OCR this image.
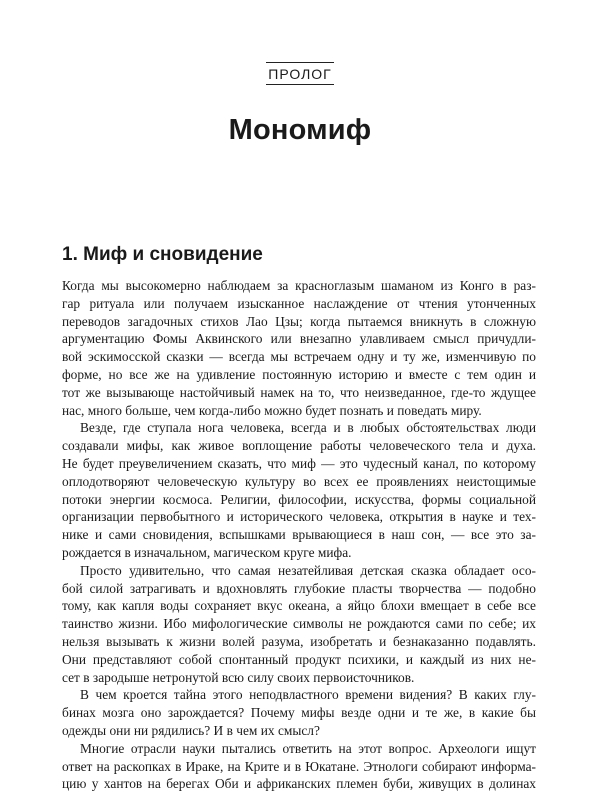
ПРОЛОГ
Мономиф
1. Миф и сновидение
Когда мы высокомерно наблюдаем за красноглазым шаманом из Конго в раз-
гар ритуала или получаем изысканное наслаждение от чтения утонченных
переводов загадочных стихов Лао Цзы; когда пытаемся вникнуть в сложную
аргументацию Фомы Аквинского или внезапно улавливаем смысл причудли-
вой эскимосской сказки — всегда мы встречаем одну и ту же, изменчивую по
форме, но все же на удивление постоянную историю и вместе с тем один и
тот же вызывающе настойчивый намек на то, что неизведанное, где-то ждущее
нас, много больше, чем когда-либо можно будет познать и поведать миру.
Везде, где ступала нога человека, всегда и в любых обстоятельствах люди
создавали мифы, как живое воплощение работы человеческого тела и духа.
Не будет преувеличением сказать, что миф — это чудесный канал, по которому
оплодотворяют человеческую культуру во всех ее проявлениях неистощимые
потоки энергии космоса. Религии, философии, искусства, формы социальной
организации первобытного и исторического человека, открытия в науке и тех-
нике и сами сновидения, вспышками врывающиеся в наш сон, — все это за-
рождается в изначальном, магическом круге мифа.
Просто удивительно, что самая незатейливая детская сказка обладает осо-
бой силой затрагивать и вдохновлять глубокие пласты творчества — подобно
тому, как капля воды сохраняет вкус океана, а яйцо блохи вмещает в себе все
таинство жизни. Ибо мифологические символы не рождаются сами по себе; их
нельзя вызывать к жизни волей разума, изобретать и безнаказанно подавлять.
Они представляют собой спонтанный продукт психики, и каждый из них не-
сет в зародыше нетронутой всю силу своих первоисточников.
В чем кроется тайна этого неподвластного времени видения? В каких глу-
бинах мозга оно зарождается? Почему мифы везде одни и те же, в какие бы
одежды они ни рядились? И в чем их смысл?
Многие отрасли науки пытались ответить на этот вопрос. Археологи ищут
ответ на раскопках в Ираке, на Крите и в Юкатане. Этнологи собирают информа-
цию у хантов на берегах Оби и африканских племен буби, живущих в долинах
